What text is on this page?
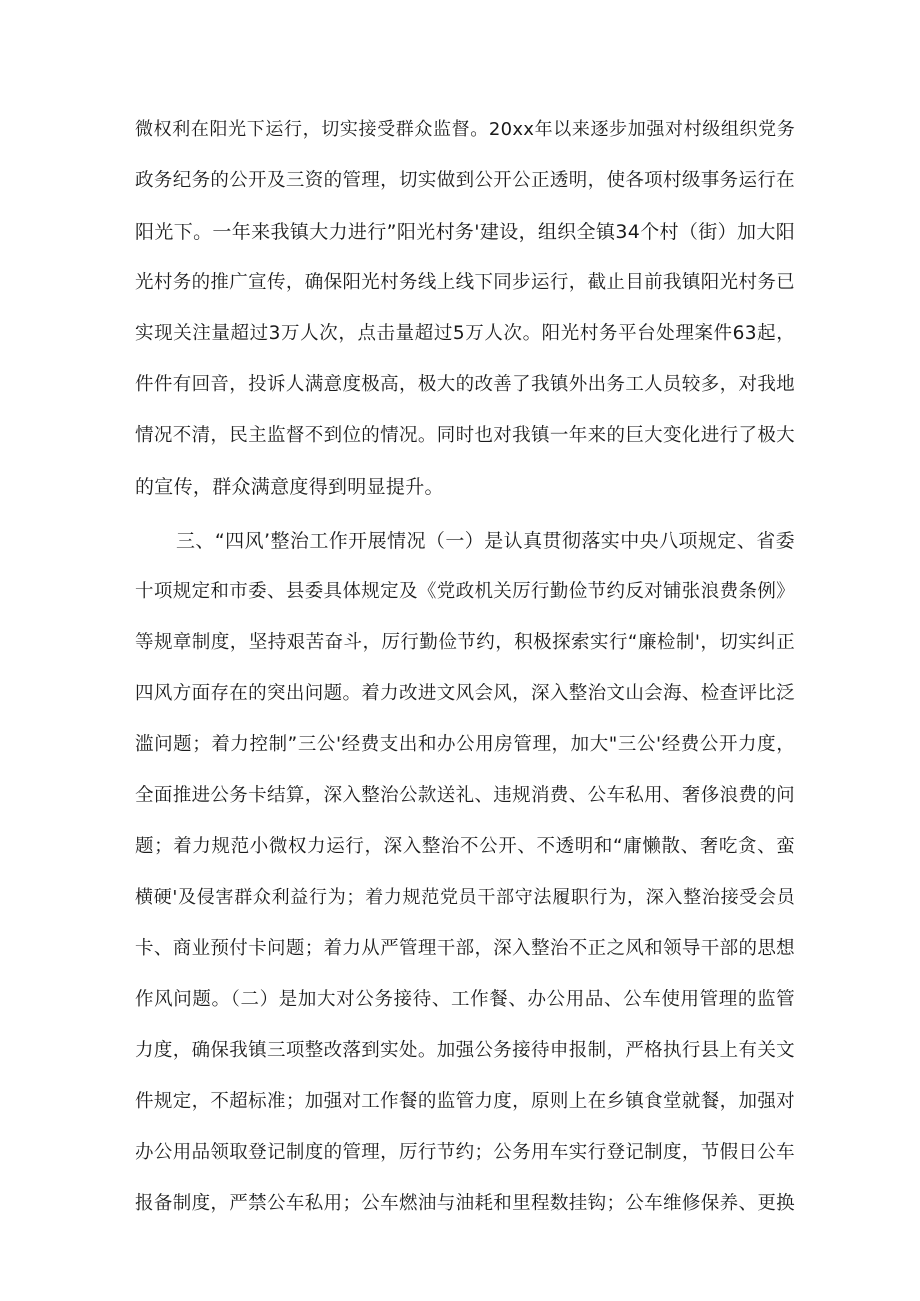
微权利在阳光下运行，切实接受群众监督。20xx年以来逐步加强对村级组织党务
政务纪务的公开及三资的管理，切实做到公开公正透明，使各项村级事务运行在
阳光下。一年来我镇大力进行”阳光村务'建设，组织全镇34个村（街）加大阳
光村务的推广宣传，确保阳光村务线上线下同步运行，截止目前我镇阳光村务已
实现关注量超过3万人次，点击量超过5万人次。阳光村务平台处理案件63起，
件件有回音，投诉人满意度极高，极大的改善了我镇外出务工人员较多，对我地
情况不清，民主监督不到位的情况。同时也对我镇一年来的巨大变化进行了极大
的宣传，群众满意度得到明显提升。
三、“四风’整治工作开展情况（一）是认真贯彻落实中央八项规定、省委
十项规定和市委、县委具体规定及《党政机关厉行勤俭节约反对铺张浪费条例》
等规章制度，坚持艰苦奋斗，厉行勤俭节约，积极探索实行“廉检制'，切实纠正
四风方面存在的突出问题。着力改进文风会风，深入整治文山会海、检查评比泛
滥问题；着力控制”三公'经费支出和办公用房管理，加大"三公'经费公开力度，
全面推进公务卡结算，深入整治公款送礼、违规消费、公车私用、奢侈浪费的问
题；着力规范小微权力运行，深入整治不公开、不透明和“庸懒散、奢吃贪、蛮
横硬'及侵害群众利益行为；着力规范党员干部守法履职行为，深入整治接受会员
卡、商业预付卡问题；着力从严管理干部，深入整治不正之风和领导干部的思想
作风问题。（二）是加大对公务接待、工作餐、办公用品、公车使用管理的监管
力度，确保我镇三项整改落到实处。加强公务接待申报制，严格执行县上有关文
件规定，不超标准；加强对工作餐的监管力度，原则上在乡镇食堂就餐，加强对
办公用品领取登记制度的管理，厉行节约；公务用车实行登记制度，节假日公车
报备制度，严禁公车私用；公车燃油与油耗和里程数挂钩；公车维修保养、更换
